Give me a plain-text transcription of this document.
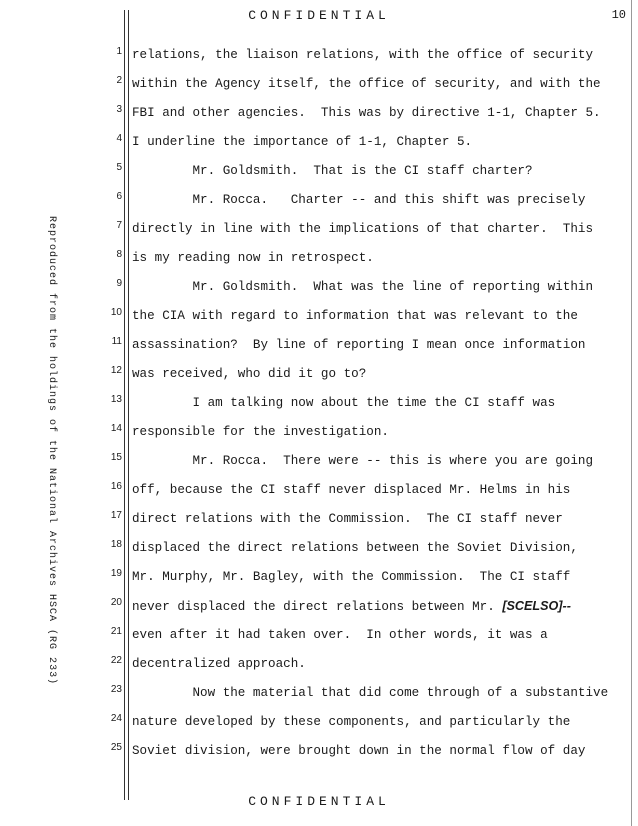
CONFIDENTIAL	10
Reproduced from the holdings of the National Archives HSCA (RG 233)
1 relations, the liaison relations, with the office of security
2 within the Agency itself, the office of security, and with the
3 FBI and other agencies.  This was by directive 1-1, Chapter 5.
4 I underline the importance of 1-1, Chapter 5.
5 Mr. Goldsmith.  That is the CI staff charter?
6 Mr. Rocca.   Charter -- and this shift was precisely
7 directly in line with the implications of that charter.  This
8 is my reading now in retrospect.
9 Mr. Goldsmith.  What was the line of reporting within
10 the CIA with regard to information that was relevant to the
11 assassination?  By line of reporting I mean once information
12 was received, who did it go to?
13 I am talking now about the time the CI staff was
14 responsible for the investigation.
15 Mr. Rocca.  There were -- this is where you are going
16 off, because the CI staff never displaced Mr. Helms in his
17 direct relations with the Commission.  The CI staff never
18 displaced the direct relations between the Soviet Division,
19 Mr. Murphy, Mr. Bagley, with the Commission.  The CI staff
20 never displaced the direct relations between Mr. [SCELSO]--
21 even after it had taken over.  In other words, it was a
22 decentralized approach.
23 Now the material that did come through of a substantive
24 nature developed by these components, and particularly the
25 Soviet division, were brought down in the normal flow of day
CONFIDENTIAL
